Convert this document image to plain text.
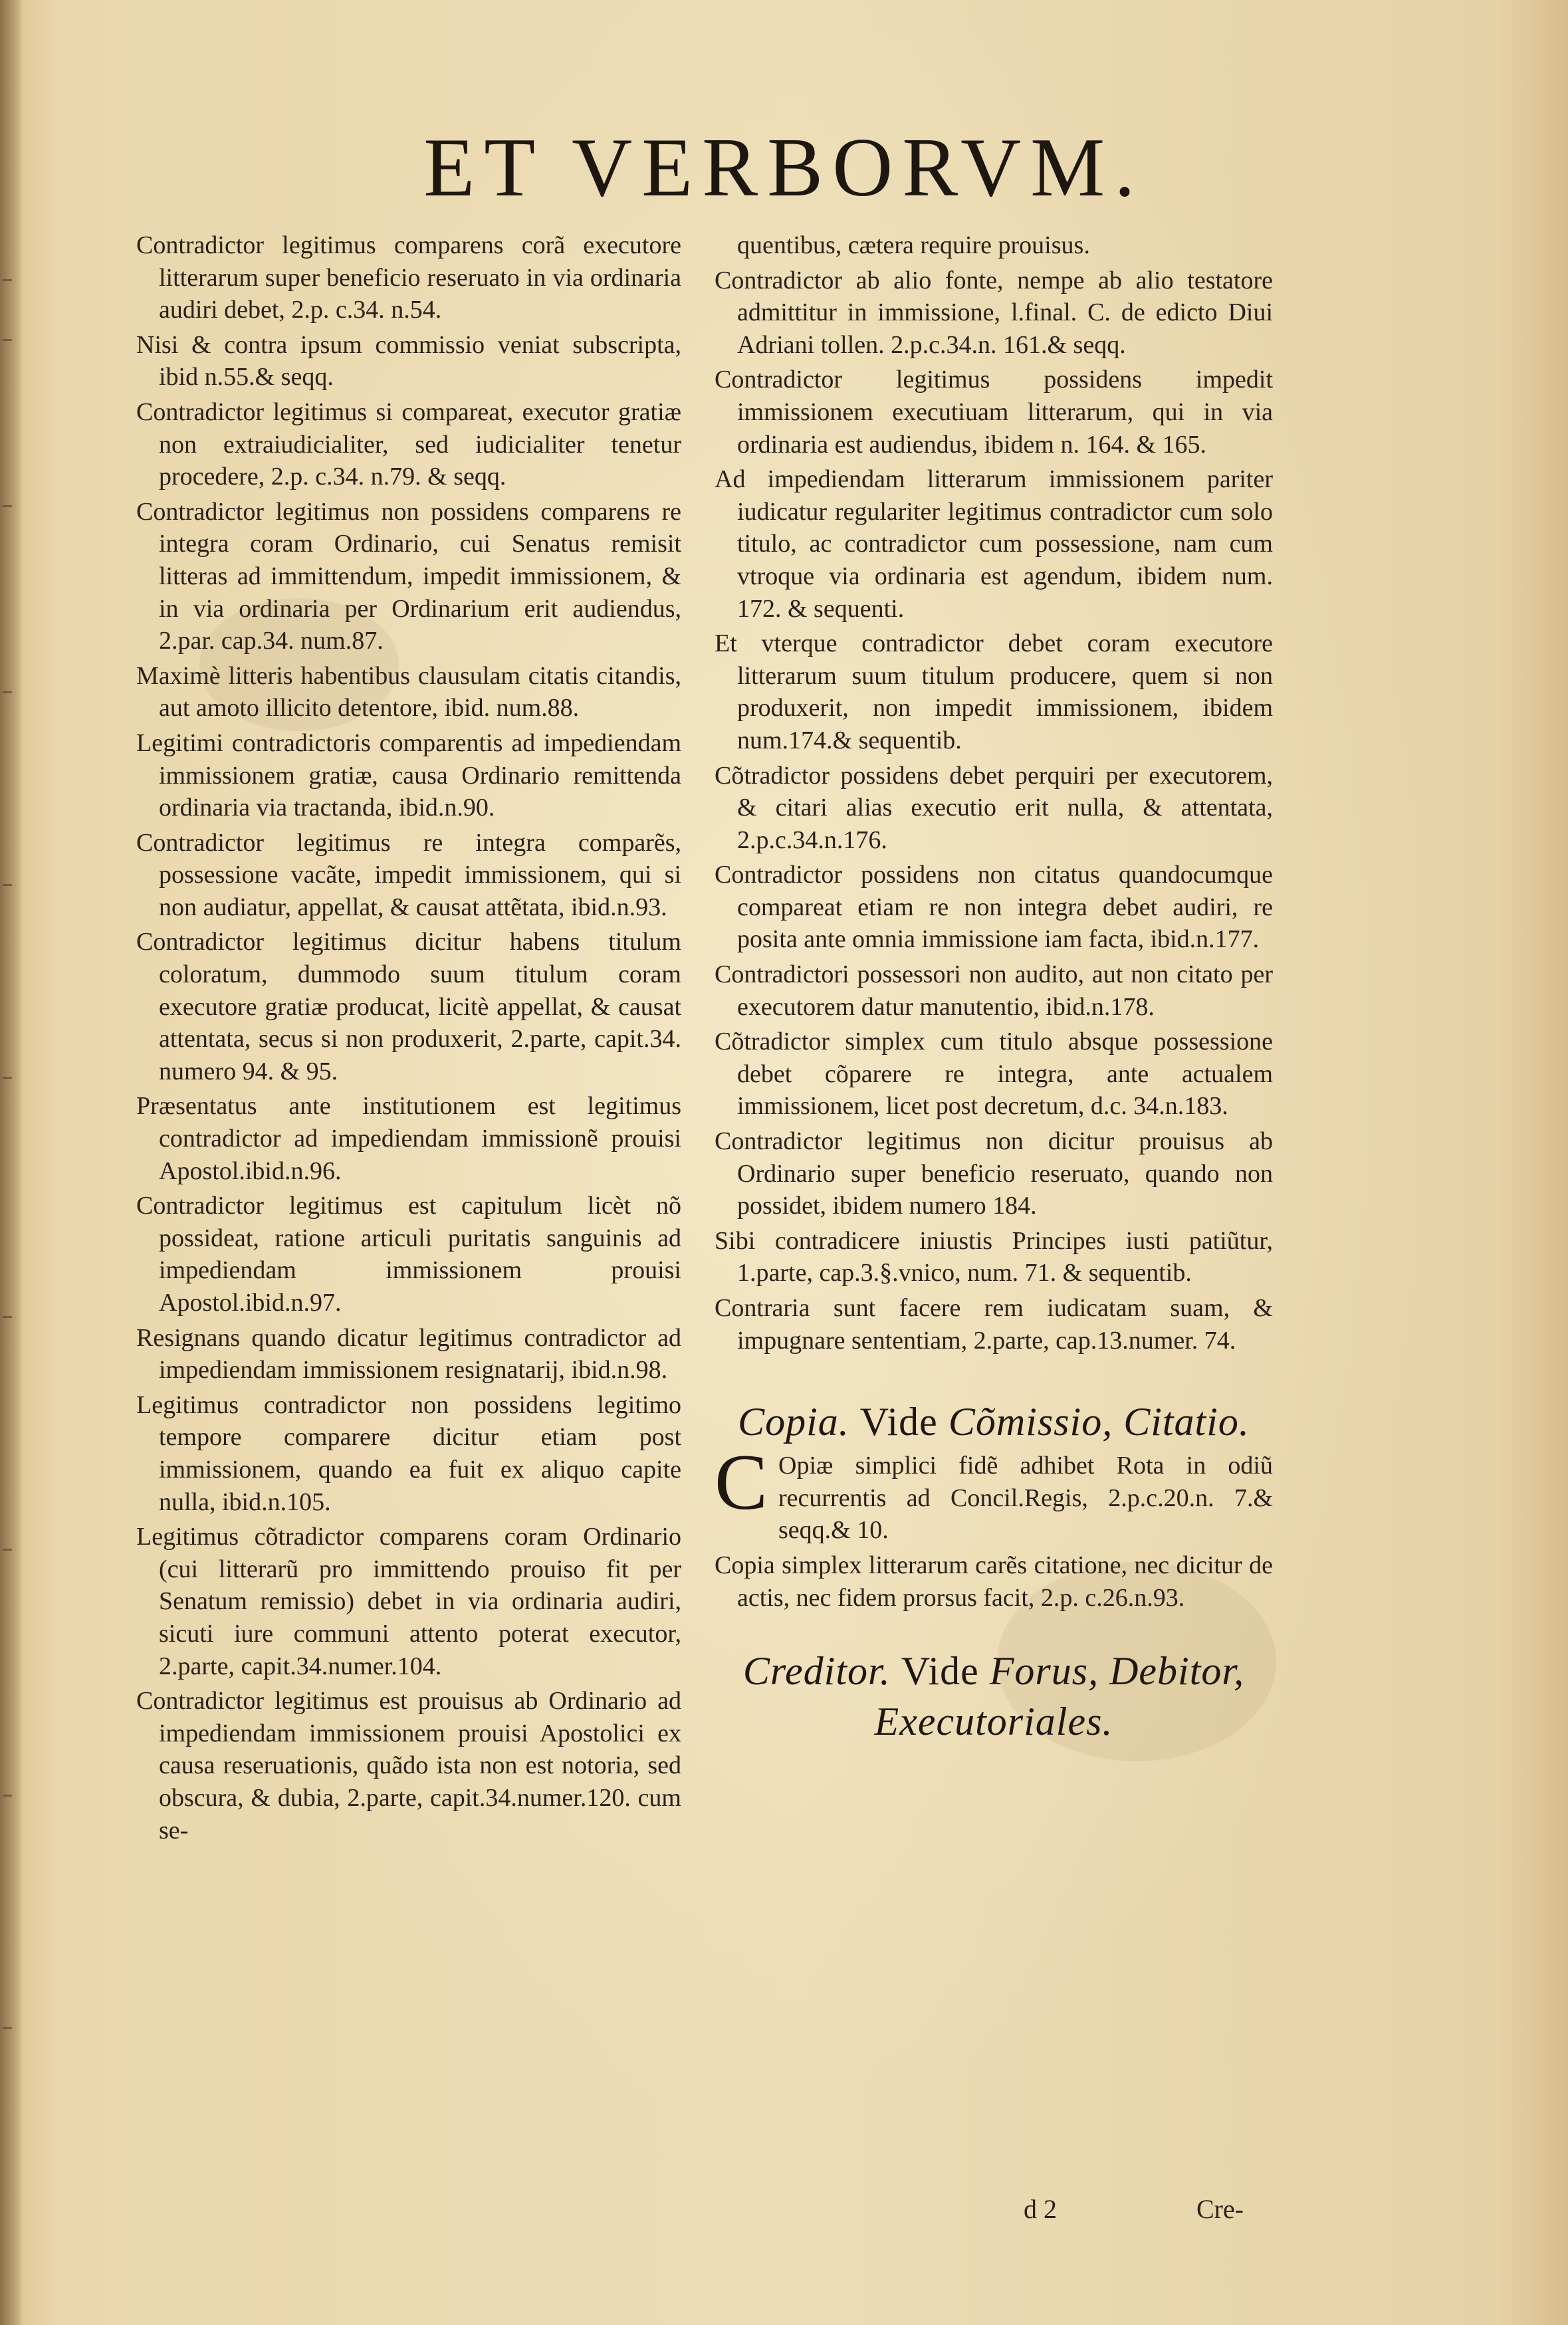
ET VERBORVM.

Contradictor legitimus comparens corã executore litterarum super beneficio reseruato in via ordinaria audiri debet, 2.p. c.34. n.54.

Nisi & contra ipsum commissio veniat subscripta, ibid n.55.& seqq.

Contradictor legitimus si compareat, executor gratiæ non extraiudicialiter, sed iudicialiter tenetur procedere, 2.p. c.34. n.79. & seqq.

Contradictor legitimus non possidens comparens re integra coram Ordinario, cui Senatus remisit litteras ad immittendum, impedit immissionem, & in via ordinaria per Ordinarium erit audiendus, 2.par. cap.34. num.87.

Maximè litteris habentibus clausulam citatis citandis, aut amoto illicito detentore, ibid. num.88.

Legitimi contradictoris comparentis ad impediendam immissionem gratiæ, causa Ordinario remittenda ordinaria via tractanda, ibid.n.90.

Contradictor legitimus re integra comparẽs, possessione vacãte, impedit immissionem, qui si non audiatur, appellat, & causat attẽtata, ibid.n.93.

Contradictor legitimus dicitur habens titulum coloratum, dummodo suum titulum coram executore gratiæ producat, licitè appellat, & causat attentata, secus si non produxerit, 2.parte, capit.34. numero 94. & 95.

Præsentatus ante institutionem est legitimus contradictor ad impediendam immissionẽ prouisi Apostol.ibid.n.96.

Contradictor legitimus est capitulum licèt nõ possideat, ratione articuli puritatis sanguinis ad impediendam immissionem prouisi Apostol.ibid.n.97.

Resignans quando dicatur legitimus contradictor ad impediendam immissionem resignatarij, ibid.n.98.

Legitimus contradictor non possidens legitimo tempore comparere dicitur etiam post immissionem, quando ea fuit ex aliquo capite nulla, ibid.n.105.

Legitimus cõtradictor comparens coram Ordinario (cui litterarũ pro immittendo prouiso fit per Senatum remissio) debet in via ordinaria audiri, sicuti iure communi attento poterat executor, 2.parte, capit.34.numer.104.

Contradictor legitimus est prouisus ab Ordinario ad impediendam immissionem prouisi Apostolici ex causa reseruationis, quãdo ista non est notoria, sed obscura, & dubia, 2.parte, capit.34.numer.120. cum se-

quentibus, cætera require prouisus.

Contradictor ab alio fonte, nempe ab alio testatore admittitur in immissione, l.final. C. de edicto Diui Adriani tollen. 2.p.c.34.n. 161.& seqq.

Contradictor legitimus possidens impedit immissionem executiuam litterarum, qui in via ordinaria est audiendus, ibidem n. 164. & 165.

Ad impediendam litterarum immissionem pariter iudicatur regulariter legitimus contradictor cum solo titulo, ac contradictor cum possessione, nam cum vtroque via ordinaria est agendum, ibidem num. 172. & sequenti.

Et vterque contradictor debet coram executore litterarum suum titulum producere, quem si non produxerit, non impedit immissionem, ibidem num.174.& sequentib.

Cõtradictor possidens debet perquiri per executorem, & citari alias executio erit nulla, & attentata, 2.p.c.34.n.176.

Contradictor possidens non citatus quandocumque compareat etiam re non integra debet audiri, re posita ante omnia immissione iam facta, ibid.n.177.

Contradictori possessori non audito, aut non citato per executorem datur manutentio, ibid.n.178.

Cõtradictor simplex cum titulo absque possessione debet cõparere re integra, ante actualem immissionem, licet post decretum, d.c. 34.n.183.

Contradictor legitimus non dicitur prouisus ab Ordinario super beneficio reseruato, quando non possidet, ibidem numero 184.

Sibi contradicere iniustis Principes iusti patiũtur, 1.parte, cap.3.§.vnico, num. 71. & sequentib.

Contraria sunt facere rem iudicatam suam, & impugnare sententiam, 2.parte, cap.13.numer. 74.

Copia. Vide Cõmissio, Citatio.

C Opiæ simplici fidẽ adhibet Rota in odiũ recurrentis ad Concil.Regis, 2.p.c.20.n. 7.& seqq.& 10.

Copia simplex litterarum carẽs citatione, nec dicitur de actis, nec fidem prorsus facit, 2.p. c.26.n.93.

Creditor. Vide Forus, Debitor, Executoriales.
d 2	Cre-
